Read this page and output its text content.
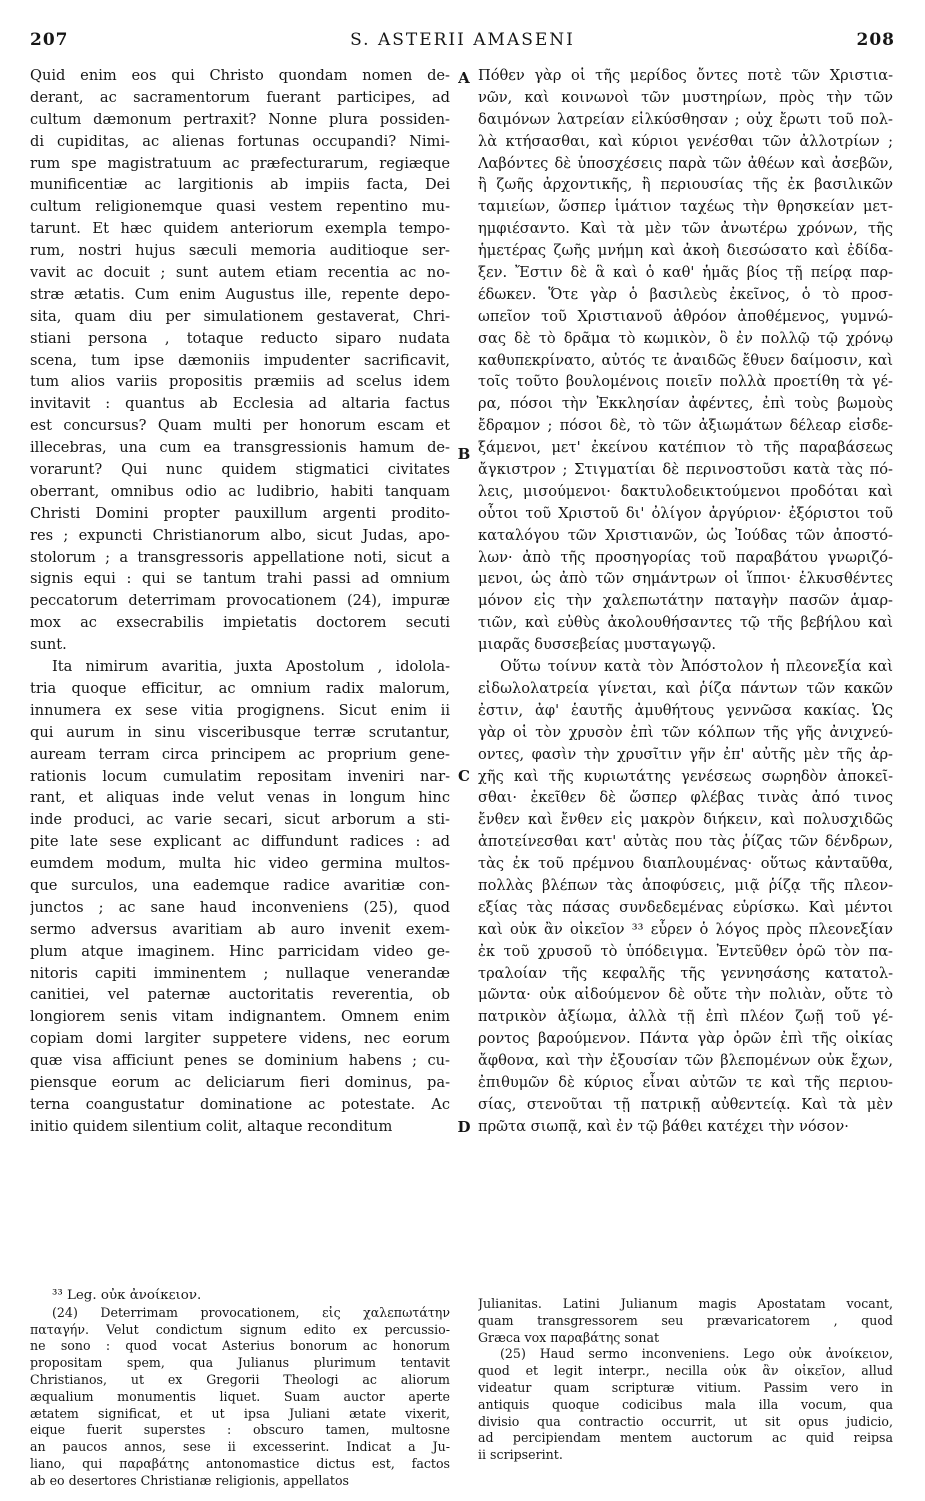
207	S. ASTERII AMASENI	208
A
B
C
D
Quid enim eos qui Christo quondam nomen de-
derant, ac sacramentorum fuerant participes, ad
cultum dæmonum pertraxit? Nonne plura possiden-
di cupiditas, ac alienas fortunas occupandi? Nimi-
rum spe magistratuum ac præfecturarum, regiæque
munificentiæ ac largitionis ab impiis facta, Dei
cultum religionemque quasi vestem repentino mu-
tarunt. Et hæc quidem anteriorum exempla tempo-
rum, nostri hujus sæculi memoria auditioque ser-
vavit ac docuit ; sunt autem etiam recentia ac no-
stræ ætatis. Cum enim Augustus ille, repente depo-
sita, quam diu per simulationem gestaverat, Chri-
stiani persona , totaque reducto siparo nudata
scena, tum ipse dæmoniis impudenter sacrificavit,
tum alios variis propositis præmiis ad scelus idem
invitavit : quantus ab Ecclesia ad altaria factus
est concursus? Quam multi per honorum escam et
illecebras, una cum ea transgressionis hamum de-
vorarunt? Qui nunc quidem stigmatici civitates
oberrant, omnibus odio ac ludibrio, habiti tanquam
Christi Domini propter pauxillum argenti prodito-
res ; expuncti Christianorum albo, sicut Judas, apo-
stolorum ; a transgressoris appellatione noti, sicut a
signis equi : qui se tantum trahi passi ad omnium
peccatorum deterrimam provocationem (24), impuræ
mox ac exsecrabilis impietatis doctorem secuti
sunt.
Ita nimirum avaritia, juxta Apostolum , idolola-
tria quoque efficitur, ac omnium radix malorum,
innumera ex sese vitia progignens. Sicut enim ii
qui aurum in sinu visceribusque terræ scrutantur,
auream terram circa principem ac proprium gene-
rationis locum cumulatim repositam inveniri nar-
rant, et aliquas inde velut venas in longum hinc
inde produci, ac varie secari, sicut arborum a sti-
pite late sese explicant ac diffundunt radices : ad
eumdem modum, multa hic video germina multos-
que surculos, una eademque radice avaritiæ con-
junctos ; ac sane haud inconveniens (25), quod
sermo adversus avaritiam ab auro invenit exem-
plum atque imaginem. Hinc parricidam video ge-
nitoris capiti imminentem ; nullaque venerandæ
canitiei, vel paternæ auctoritatis reverentia, ob
longiorem senis vitam indignantem. Omnem enim
copiam domi largiter suppetere videns, nec eorum
quæ visa afficiunt penes se dominium habens ; cu-
piensque eorum ac deliciarum fieri dominus, pa-
terna coangustatur dominatione ac potestate. Ac
initio quidem silentium colit, altaque reconditum
Πόθεν γὰρ οἱ τῆς μερίδος ὄντες ποτὲ τῶν Χριστια-
νῶν, καὶ κοινωνοὶ τῶν μυστηρίων, πρὸς τὴν τῶν
δαιμόνων λατρείαν εἱλκύσθησαν ; οὐχ ἔρωτι τοῦ πολ-
λὰ κτήσασθαι, καὶ κύριοι γενέσθαι τῶν ἀλλοτρίων ;
Λαβόντες δὲ ὑποσχέσεις παρὰ τῶν ἀθέων καὶ ἀσεβῶν,
ἢ ζωῆς ἀρχοντικῆς, ἢ περιουσίας τῆς ἐκ βασιλικῶν
ταμιείων, ὥσπερ ἱμάτιον ταχέως τὴν θρησκείαν μετ-
ημφιέσαντο. Καὶ τὰ μὲν τῶν ἀνωτέρω χρόνων, τῆς
ἡμετέρας ζωῆς μνήμη καὶ ἀκοὴ διεσώσατο καὶ ἐδίδα-
ξεν. Ἔστιν δὲ ἃ καὶ ὁ καθ' ἡμᾶς βίος τῇ πείρᾳ παρ-
έδωκεν. Ὅτε γὰρ ὁ βασιλεὺς ἐκεῖνος, ὁ τὸ προσ-
ωπεῖον τοῦ Χριστιανοῦ ἀθρόον ἀποθέμενος, γυμνώ-
σας δὲ τὸ δρᾶμα τὸ κωμικὸν, ὃ ἐν πολλῷ τῷ χρόνῳ
καθυπεκρίνατο, αὐτός τε ἀναιδῶς ἔθυεν δαίμοσιν, καὶ
τοῖς τοῦτο βουλομένοις ποιεῖν πολλὰ προετίθη τὰ γέ-
ρα, πόσοι τὴν Ἐκκλησίαν ἀφέντες, ἐπὶ τοὺς βωμοὺς
ἔδραμον ; πόσοι δὲ, τὸ τῶν ἀξιωμάτων δέλεαρ εἰσδε-
ξάμενοι, μετ' ἐκείνου κατέπιον τὸ τῆς παραβάσεως
ἄγκιστρον ; Στιγματίαι δὲ περινοστοῦσι κατὰ τὰς πό-
λεις, μισούμενοι· δακτυλοδεικτούμενοι προδόται καὶ
οὗτοι τοῦ Χριστοῦ δι' ὀλίγον ἀργύριον· ἐξόριστοι τοῦ
καταλόγου τῶν Χριστιανῶν, ὡς Ἰούδας τῶν ἀποστό-
λων· ἀπὸ τῆς προσηγορίας τοῦ παραβάτου γνωριζό-
μενοι, ὡς ἀπὸ τῶν σημάντρων οἱ ἵπποι· ἑλκυσθέντες
μόνον εἰς τὴν χαλεπωτάτην παταγὴν πασῶν ἁμαρ-
τιῶν, καὶ εὐθὺς ἀκολουθήσαντες τῷ τῆς βεβήλου καὶ
μιαρᾶς δυσσεβείας μυσταγωγῷ.
Οὕτω τοίνυν κατὰ τὸν Ἀπόστολον ἡ πλεονεξία καὶ
εἰδωλολατρεία γίνεται, καὶ ῥίζα πάντων τῶν κακῶν
ἐστιν, ἀφ' ἑαυτῆς ἀμυθήτους γεννῶσα κακίας. Ὡς
γὰρ οἱ τὸν χρυσὸν ἐπὶ τῶν κόλπων τῆς γῆς ἀνιχνεύ-
οντες, φασὶν τὴν χρυσῖτιν γῆν ἐπ' αὐτῆς μὲν τῆς ἀρ-
χῆς καὶ τῆς κυριωτάτης γενέσεως σωρηδὸν ἀποκεῖ-
σθαι· ἐκεῖθεν δὲ ὥσπερ φλέβας τινὰς ἀπό τινος
ἔνθεν καὶ ἔνθεν εἰς μακρὸν διήκειν, καὶ πολυσχιδῶς
ἀποτείνεσθαι κατ' αὐτὰς που τὰς ῥίζας τῶν δένδρων,
τὰς ἐκ τοῦ πρέμνου διαπλουμένας· οὕτως κἀνταῦθα,
πολλὰς βλέπων τὰς ἀποφύσεις, μιᾷ ῥίζᾳ τῆς πλεον-
εξίας τὰς πάσας συνδεδεμένας εὑρίσκω. Καὶ μέντοι
καὶ οὐκ ἂν οἰκεῖον ³³ εὗρεν ὁ λόγος πρὸς πλεονεξίαν
ἐκ τοῦ χρυσοῦ τὸ ὑπόδειγμα. Ἐντεῦθεν ὁρῶ τὸν πα-
τραλοίαν τῆς κεφαλῆς τῆς γεννησάσης κατατολ-
μῶντα· οὐκ αἰδούμενον δὲ οὔτε τὴν πολιὰν, οὔτε τὸ
πατρικὸν ἀξίωμα, ἀλλὰ τῇ ἐπὶ πλέον ζωῇ τοῦ γέ-
ροντος βαρούμενον. Πάντα γὰρ ὁρῶν ἐπὶ τῆς οἰκίας
ἄφθονα, καὶ τὴν ἐξουσίαν τῶν βλεπομένων οὐκ ἔχων,
ἐπιθυμῶν δὲ κύριος εἶναι αὐτῶν τε καὶ τῆς περιου-
σίας, στενοῦται τῇ πατρικῇ αὐθεντείᾳ. Καὶ τὰ μὲν
πρῶτα σιωπᾷ, καὶ ἐν τῷ βάθει κατέχει τὴν νόσον·
³³ Leg. οὐκ ἀνοίκειον.
(24) Deterrimam provocationem, εἰς χαλεπωτάτην
παταγήν. Velut condictum signum edito ex percussio-
ne sono : quod vocat Asterius bonorum ac honorum
propositam spem, qua Julianus plurimum tentavit
Christianos, ut ex Gregorii Theologi ac aliorum
æqualium monumentis liquet. Suam auctor aperte
ætatem significat, et ut ipsa Juliani ætate vixerit,
eique fuerit superstes : obscuro tamen, multosne
an paucos annos, sese ii excesserint. Indicat a Ju-
liano, qui παραβάτης antonomastice dictus est, factos
ab eo desertores Christianæ religionis, appellatos
Julianitas. Latini Julianum magis Apostatam vocant,
quam transgressorem seu prævaricatorem , quod
Græca vox παραβάτης sonat
(25) Haud sermo inconveniens. Lego οὐκ ἀνοίκειον,
quod et legit interpr., necilla οὐκ ἂν οἰκεῖον, allud
videatur quam scripturæ vitium. Passim vero in
antiquis quoque codicibus mala illa vocum, qua
divisio qua contractio occurrit, ut sit opus judicio,
ad percipiendam mentem auctorum ac quid reipsa
ii scripserint.
